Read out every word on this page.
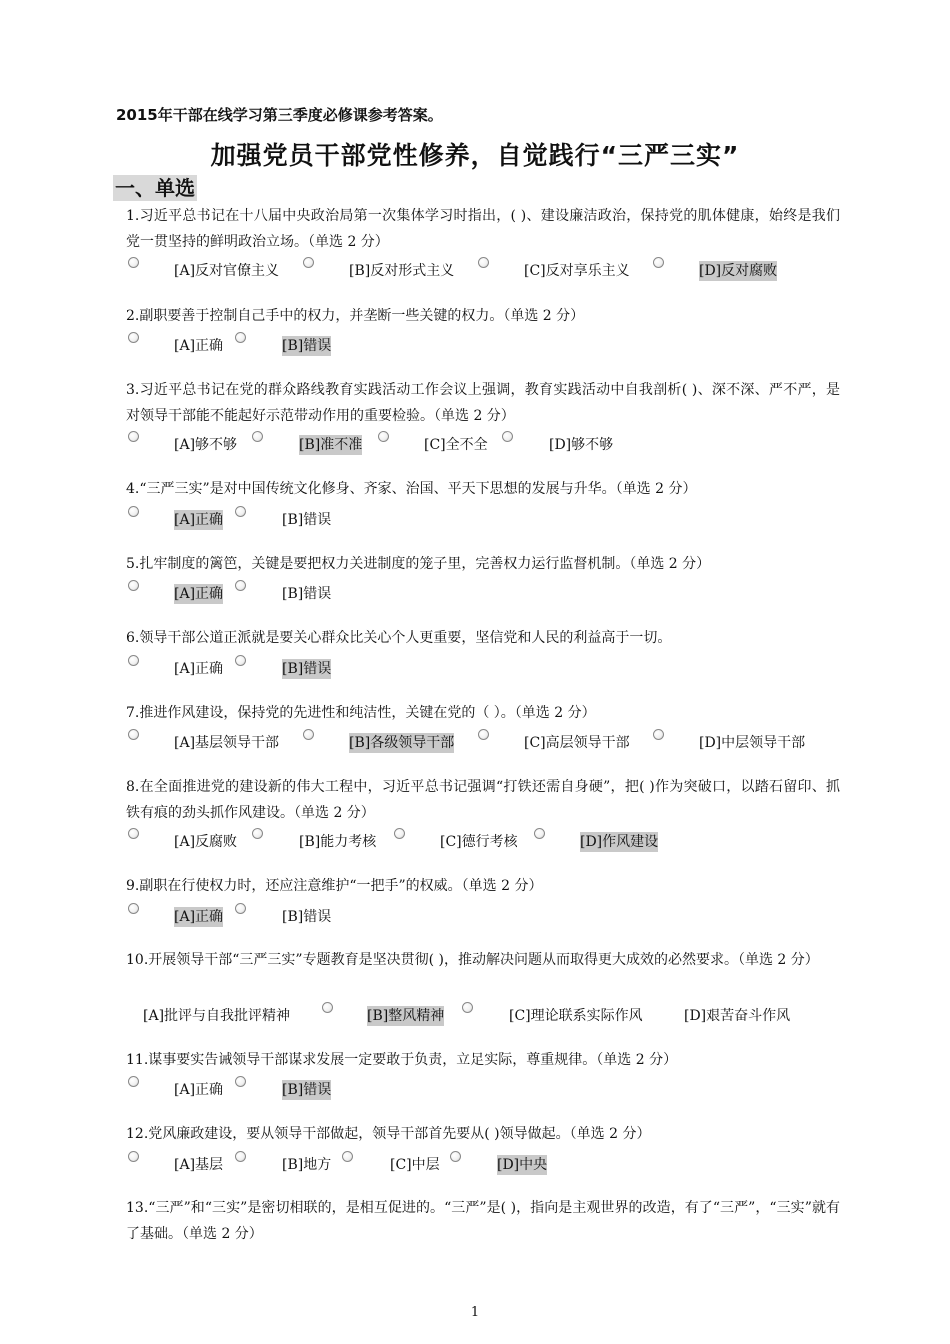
2015年干部在线学习第三季度必修课参考答案。
加强党员干部党性修养，自觉践行“三严三实”
一、单选
1.习近平总书记在十八届中央政治局第一次集体学习时指出，( )、建设廉洁政治，保持党的肌体健康，始终是我们党一贯坚持的鲜明政治立场。（单选 2 分）
[A]反对官僚主义	[B]反对形式主义	[C]反对享乐主义	[D]反对腐败
2.副职要善于控制自己手中的权力，并垄断一些关键的权力。（单选 2 分）
[A]正确	[B]错误
3.习近平总书记在党的群众路线教育实践活动工作会议上强调，教育实践活动中自我剖析( )、深不深、严不严，是对领导干部能不能起好示范带动作用的重要检验。（单选 2 分）
[A]够不够	[B]准不准	[C]全不全	[D]够不够
4.“三严三实”是对中国传统文化修身、齐家、治国、平天下思想的发展与升华。（单选 2 分）
[A]正确	[B]错误
5.扎牢制度的篱笆，关键是要把权力关进制度的笼子里，完善权力运行监督机制。（单选 2 分）
[A]正确	[B]错误
6.领导干部公道正派就是要关心群众比关心个人更重要，坚信党和人民的利益高于一切。
[A]正确	[B]错误
7.推进作风建设，保持党的先进性和纯洁性，关键在党的（ ）。（单选 2 分）
[A]基层领导干部	[B]各级领导干部	[C]高层领导干部	[D]中层领导干部
8.在全面推进党的建设新的伟大工程中，习近平总书记强调“打铁还需自身硬”，把( )作为突破口，以踏石留印、抓铁有痕的劲头抓作风建设。（单选 2 分）
[A]反腐败	[B]能力考核	[C]德行考核	[D]作风建设
9.副职在行使权力时，还应注意维护“一把手”的权威。（单选 2 分）
[A]正确	[B]错误
10.开展领导干部“三严三实”专题教育是坚决贯彻( )，推动解决问题从而取得更大成效的必然要求。（单选 2 分）
[A]批评与自我批评精神	[B]整风精神	[C]理论联系实际作风	[D]艰苦奋斗作风
11.谋事要实告诫领导干部谋求发展一定要敢于负责，立足实际，尊重规律。（单选 2 分）
[A]正确	[B]错误
12.党风廉政建设，要从领导干部做起，领导干部首先要从( )领导做起。（单选 2 分）
[A]基层	[B]地方	[C]中层	[D]中央
13.“三严”和“三实”是密切相联的，是相互促进的。“三严”是( )，指向是主观世界的改造，有了“三严”，“三实”就有了基础。（单选 2 分）
1
